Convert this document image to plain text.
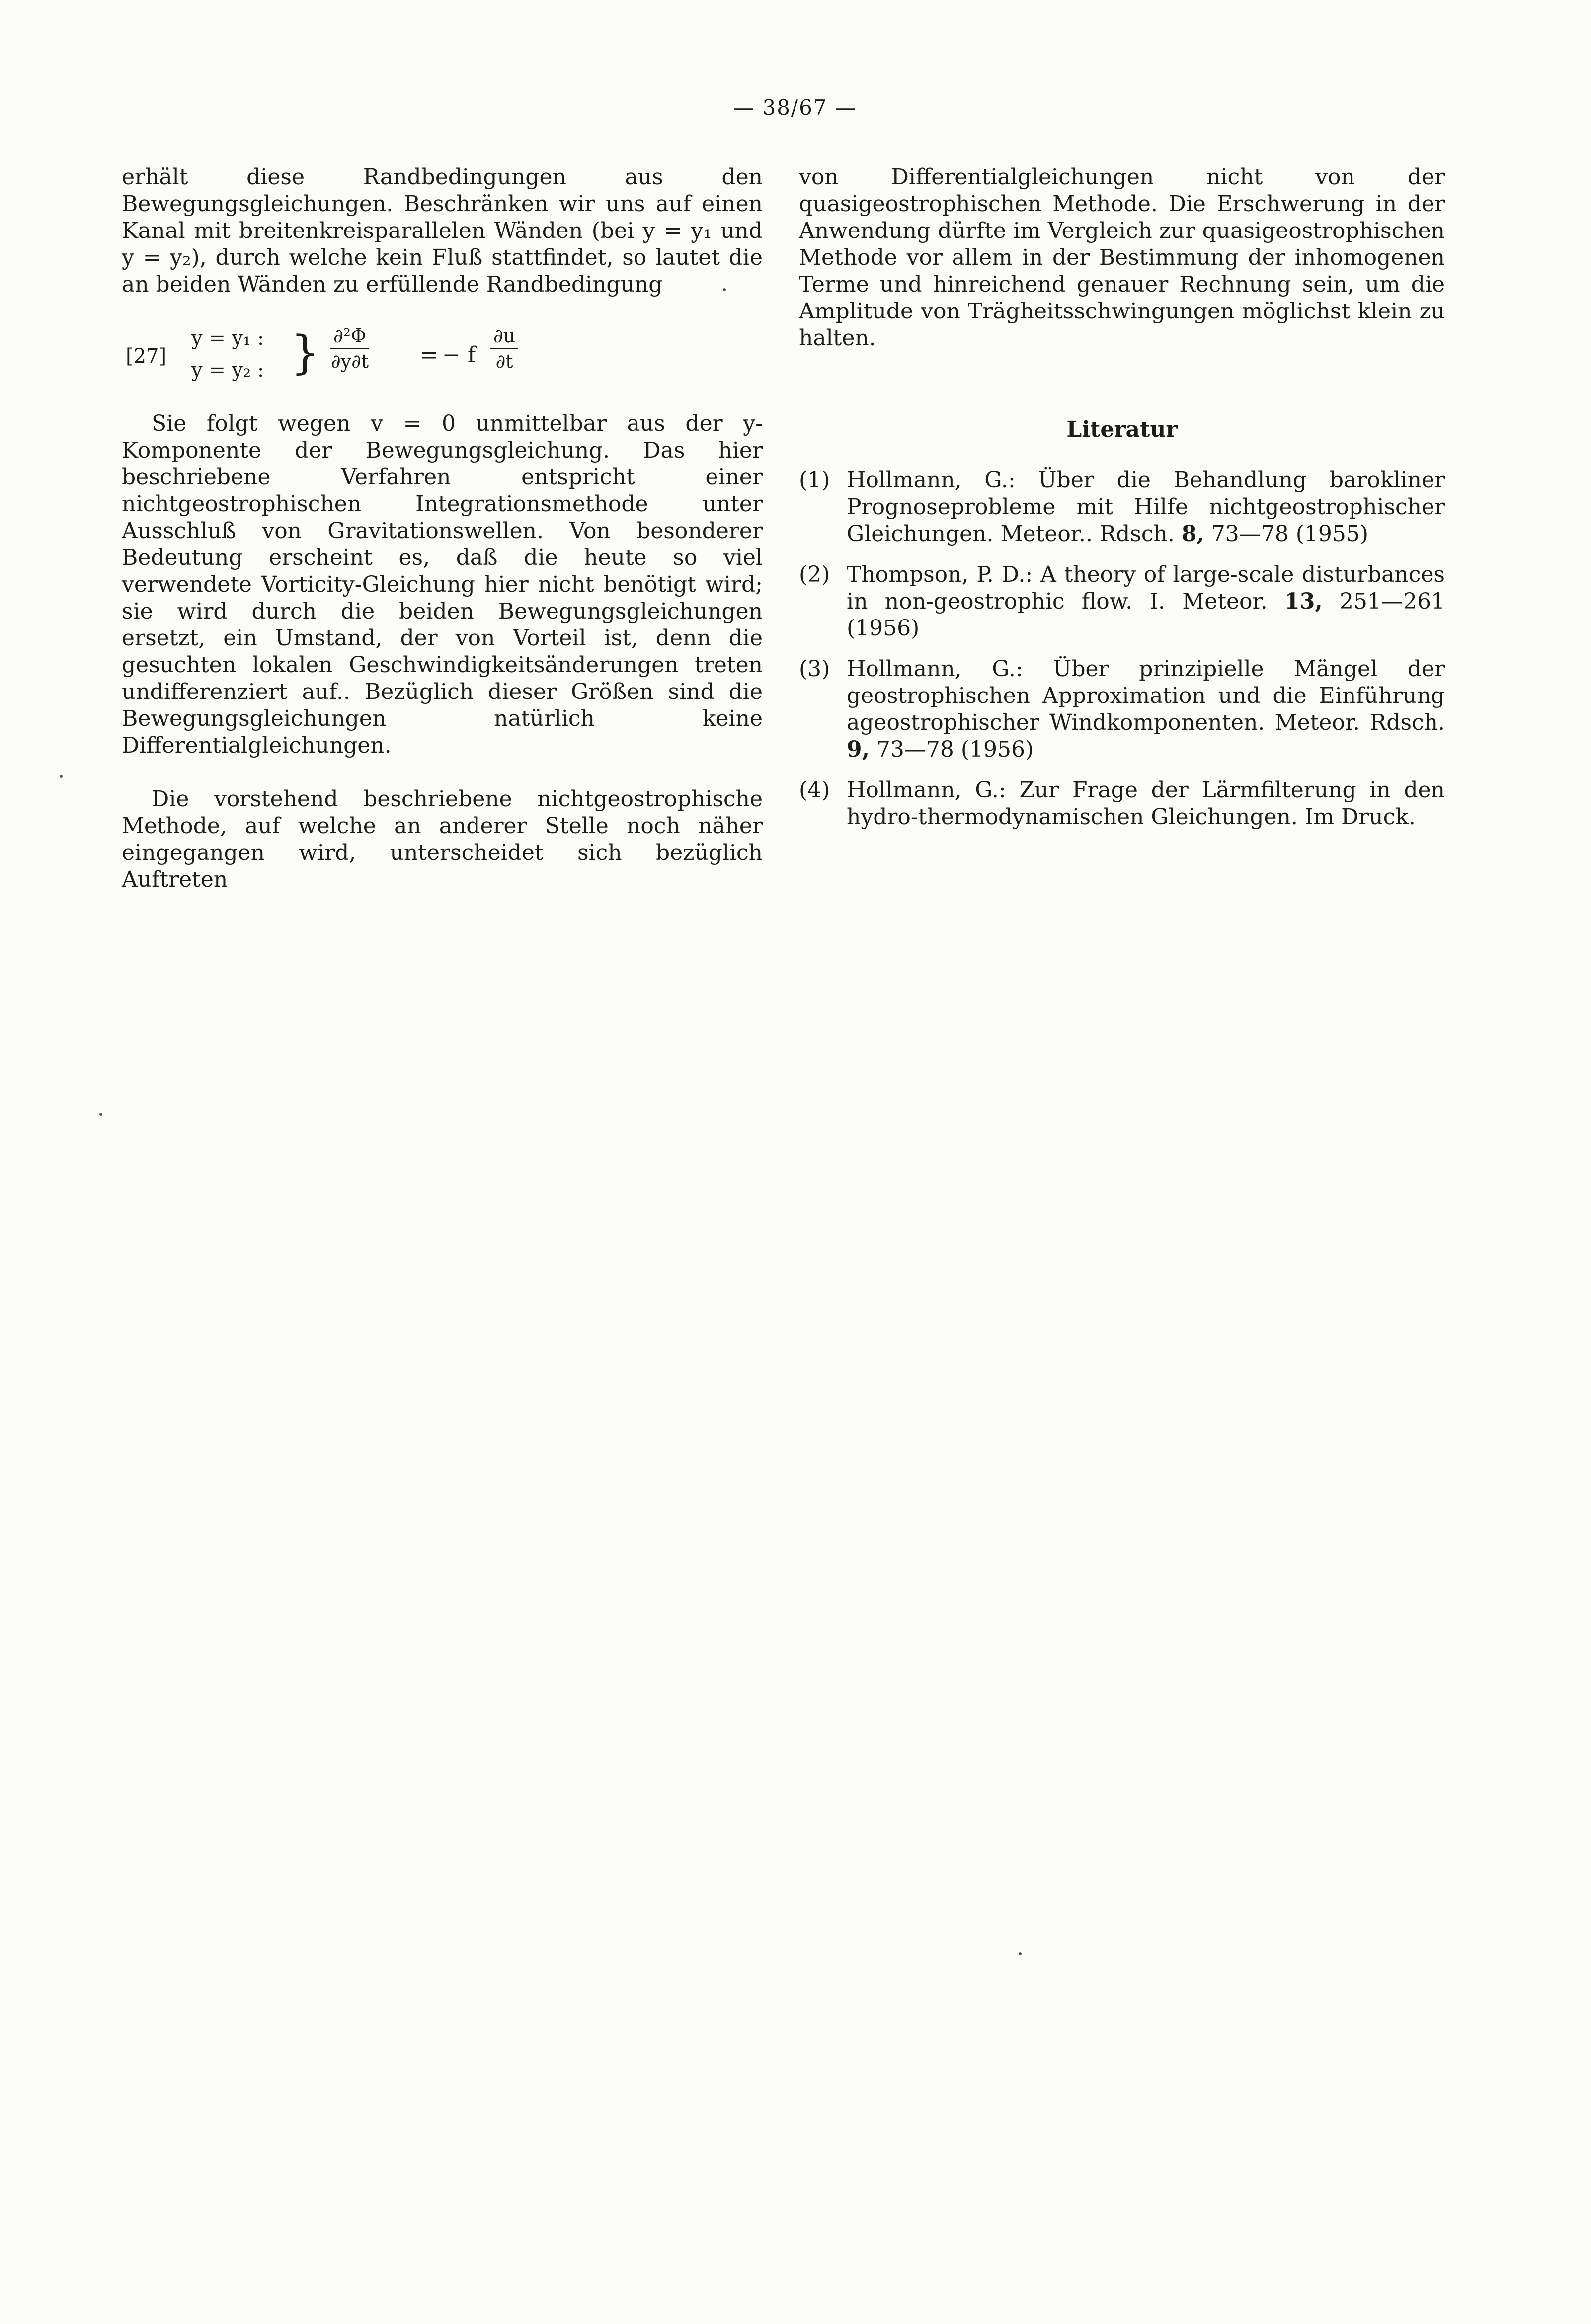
— 38/67 —

erhält diese Randbedingungen aus den Bewegungsgleichungen. Beschränken wir uns auf einen Kanal mit breitenkreisparallelen Wänden (bei y = y₁ und y = y₂), durch welche kein Fluß stattfindet, so lautet die an beiden Wänden zu erfüllende Randbedingung

[27]
y = y₁ :
y = y₂ : } $\frac{\text{∂²Φ}}{\partial y\partial t}$ = − f $\frac{\partial u}{\partial t}$

Sie folgt wegen v = 0 unmittelbar aus der y-Komponente der Bewegungsgleichung. Das hier beschriebene Verfahren entspricht einer nichtgeostrophischen Integrationsmethode unter Ausschluß von Gravitationswellen. Von besonderer Bedeutung erscheint es, daß die heute so viel verwendete Vorticity-Gleichung hier nicht benötigt wird; sie wird durch die beiden Bewegungsgleichungen ersetzt, ein Umstand, der von Vorteil ist, denn die gesuchten lokalen Geschwindigkeitsänderungen treten undifferenziert auf.. Bezüglich dieser Größen sind die Bewegungsgleichungen natürlich keine Differentialgleichungen.

Die vorstehend beschriebene nichtgeostrophische Methode, auf welche an anderer Stelle noch näher eingegangen wird, unterscheidet sich bezüglich Auftreten

von Differentialgleichungen nicht von der quasigeostrophischen Methode. Die Erschwerung in der Anwendung dürfte im Vergleich zur quasigeostrophischen Methode vor allem in der Bestimmung der inhomogenen Terme und hinreichend genauer Rechnung sein, um die Amplitude von Trägheitsschwingungen möglichst klein zu halten.

Literatur

(1) Hollmann, G.: Über die Behandlung barokliner Prognoseprobleme mit Hilfe nichtgeostrophischer Gleichungen. Meteor.. Rdsch. 8, 73—78 (1955)

(2) Thompson, P. D.: A theory of large-scale disturbances in non-geostrophic flow. I. Meteor. 13, 251—261 (1956)

(3) Hollmann, G.: Über prinzipielle Mängel der geostrophischen Approximation und die Einführung ageostrophischer Windkomponenten. Meteor. Rdsch. 9, 73—78 (1956)

(4) Hollmann, G.: Zur Frage der Lärmfilterung in den hydro-thermodynamischen Gleichungen. Im Druck.
